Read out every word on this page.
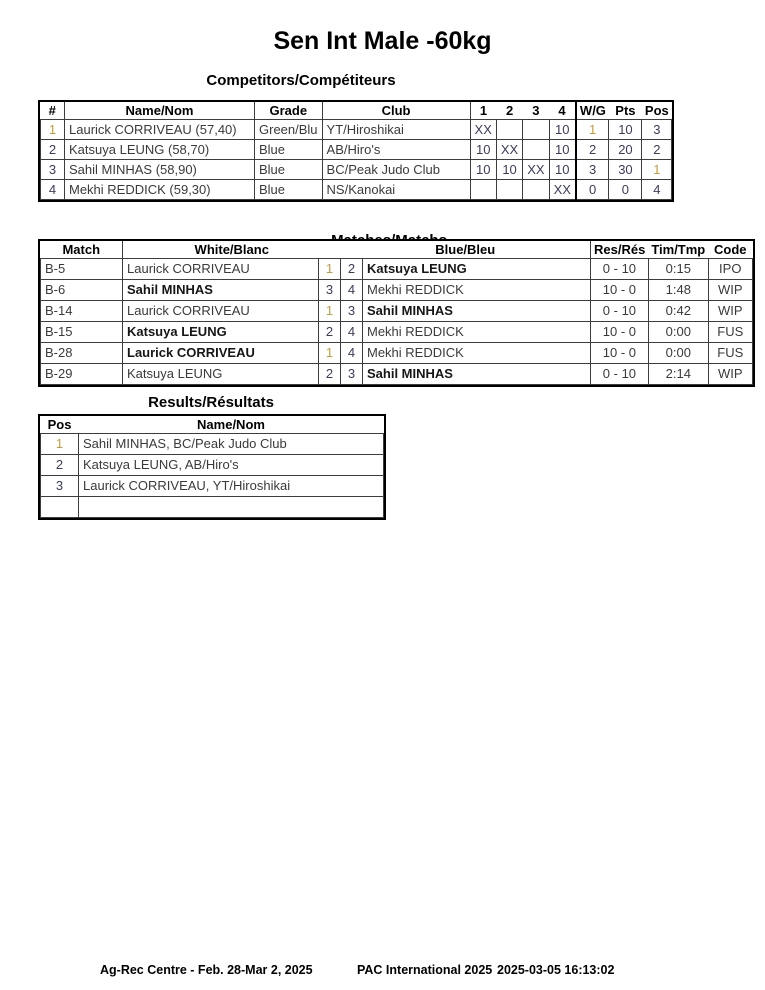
Sen Int Male -60kg
Competitors/Compétiteurs
#	Name/Nom	Grade	Club	1	2	3	4	W/G	Pts	Pos
1	Laurick CORRIVEAU (57,40)	Green/Blu	YT/Hiroshikai	XX			10	1	10	3
2	Katsuya LEUNG (58,70)	Blue	AB/Hiro's	10	XX		10	2	20	2
3	Sahil MINHAS (58,90)	Blue	BC/Peak Judo Club	10	10	XX	10	3	30	1
4	Mekhi REDDICK (59,30)	Blue	NS/Kanokai				XX	0	0	4
Match	White/Blanc		Blue/Bleu		Res/Rés	Tim/Tmp	Code
B-5	Laurick CORRIVEAU	1	2	Katsuya LEUNG	0 - 10	0:15	IPO
B-6	Sahil MINHAS	3	4	Mekhi REDDICK	10 - 0	1:48	WIP
B-14	Laurick CORRIVEAU	1	3	Sahil MINHAS	0 - 10	0:42	WIP
B-15	Katsuya LEUNG	2	4	Mekhi REDDICK	10 - 0	0:00	FUS
B-28	Laurick CORRIVEAU	1	4	Mekhi REDDICK	10 - 0	0:00	FUS
B-29	Katsuya LEUNG	2	3	Sahil MINHAS	0 - 10	2:14	WIP
Results/Résultats
Pos	Name/Nom
1	Sahil MINHAS, BC/Peak Judo Club
2	Katsuya LEUNG, AB/Hiro's
3	Laurick CORRIVEAU, YT/Hiroshikai

Ag-Rec Centre - Feb. 28-Mar 2, 2025	PAC International 2025 2025-03-05 16:13:02
